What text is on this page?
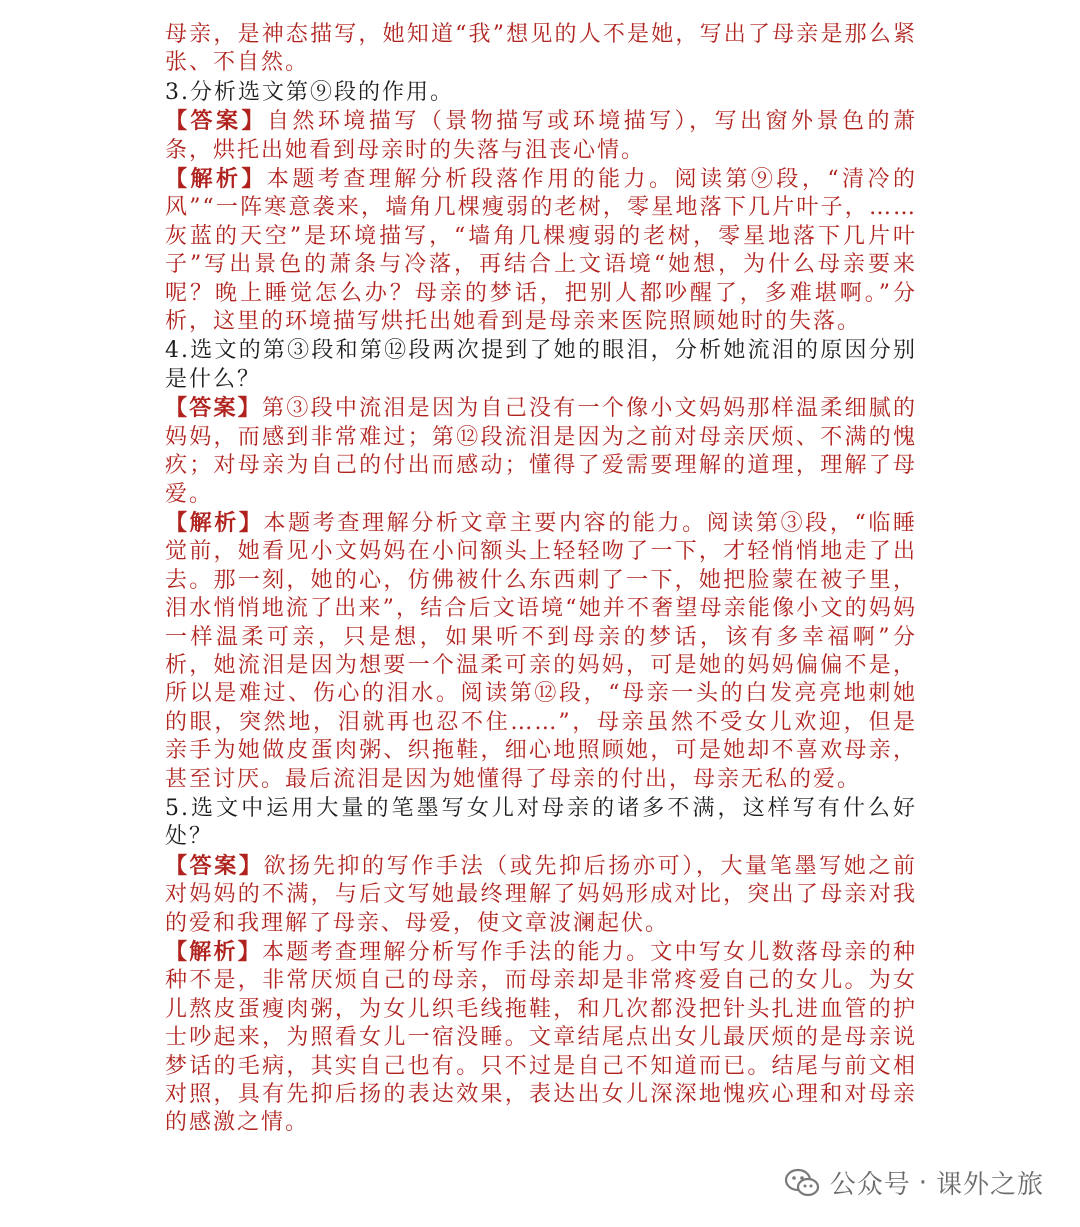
母亲，是神态描写，她知道“我”想见的人不是她，写出了母亲是那么紧张、不自然。

3.分析选文第⑨段的作用。

【答案】自然环境描写（景物描写或环境描写），写出窗外景色的萧条，烘托出她看到母亲时的失落与沮丧心情。

【解析】本题考查理解分析段落作用的能力。阅读第⑨段，“清冷的风”“一阵寒意袭来，墙角几棵瘦弱的老树，零星地落下几片叶子，……灰蓝的天空”是环境描写，“墙角几棵瘦弱的老树，零星地落下几片叶子”写出景色的萧条与冷落，再结合上文语境“她想，为什么母亲要来呢？晚上睡觉怎么办？母亲的梦话，把别人都吵醒了，多难堪啊。”分析，这里的环境描写烘托出她看到是母亲来医院照顾她时的失落。

4.选文的第③段和第⑫段两次提到了她的眼泪，分析她流泪的原因分别是什么？

【答案】第③段中流泪是因为自己没有一个像小文妈妈那样温柔细腻的妈妈，而感到非常难过；第⑫段流泪是因为之前对母亲厌烦、不满的愧疚；对母亲为自己的付出而感动；懂得了爱需要理解的道理，理解了母爱。

【解析】本题考查理解分析文章主要内容的能力。阅读第③段，“临睡觉前，她看见小文妈妈在小问额头上轻轻吻了一下，才轻悄悄地走了出去。那一刻，她的心，仿佛被什么东西刺了一下，她把脸蒙在被子里，泪水悄悄地流了出来”，结合后文语境“她并不奢望母亲能像小文的妈妈一样温柔可亲，只是想，如果听不到母亲的梦话，该有多幸福啊”分析，她流泪是因为想要一个温柔可亲的妈妈，可是她的妈妈偏偏不是，所以是难过、伤心的泪水。阅读第⑫段，“母亲一头的白发亮亮地刺她的眼，突然地，泪就再也忍不住……”，母亲虽然不受女儿欢迎，但是亲手为她做皮蛋肉粥、织拖鞋，细心地照顾她，可是她却不喜欢母亲，甚至讨厌。最后流泪是因为她懂得了母亲的付出，母亲无私的爱。

5.选文中运用大量的笔墨写女儿对母亲的诸多不满，这样写有什么好处？

【答案】欲扬先抑的写作手法（或先抑后扬亦可），大量笔墨写她之前对妈妈的不满，与后文写她最终理解了妈妈形成对比，突出了母亲对我的爱和我理解了母亲、母爱，使文章波澜起伏。

【解析】本题考查理解分析写作手法的能力。文中写女儿数落母亲的种种不是，非常厌烦自己的母亲，而母亲却是非常疼爱自己的女儿。为女儿熬皮蛋瘦肉粥，为女儿织毛线拖鞋，和几次都没把针头扎进血管的护士吵起来，为照看女儿一宿没睡。文章结尾点出女儿最厌烦的是母亲说梦话的毛病，其实自己也有。只不过是自己不知道而已。结尾与前文相对照，具有先抑后扬的表达效果，表达出女儿深深地愧疚心理和对母亲的感激之情。

公众号 · 课外之旅
